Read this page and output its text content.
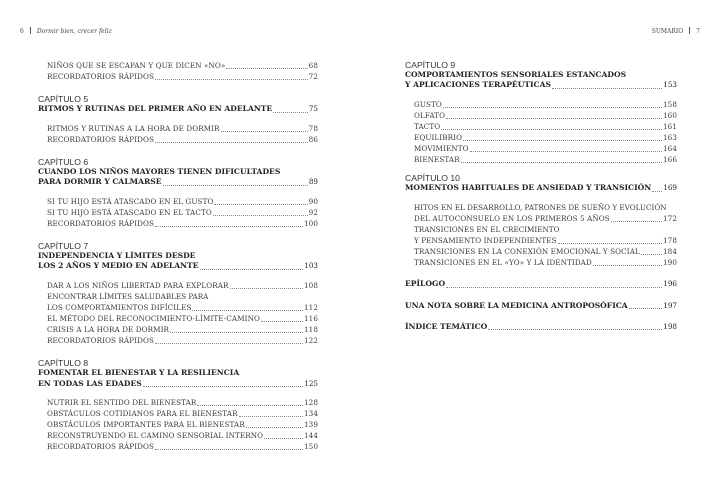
6 Dormir bien, crecer feliz
NIÑOS QUE SE ESCAPAN Y QUE DICEN «NO»	68
RECORDATORIOS RÁPIDOS	72
CAPÍTULO 5
RITMOS Y RUTINAS DEL PRIMER AÑO EN ADELANTE	75
RITMOS Y RUTINAS A LA HORA DE DORMIR	78
RECORDATORIOS RÁPIDOS	86
CAPÍTULO 6
CUANDO LOS NIÑOS MAYORES TIENEN DIFICULTADES
PARA DORMIR Y CALMARSE	89
SI TU HIJO ESTÁ ATASCADO EN EL GUSTO	90
SI TU HIJO ESTÁ ATASCADO EN EL TACTO	92
RECORDATORIOS RÁPIDOS	100
CAPÍTULO 7
INDEPENDENCIA Y LÍMITES DESDE
LOS 2 AÑOS Y MEDIO EN ADELANTE	103
DAR A LOS NIÑOS LIBERTAD PARA EXPLORAR	108
ENCONTRAR LÍMITES SALUDABLES PARA
LOS COMPORTAMIENTOS DIFÍCILES	112
EL MÉTODO DEL RECONOCIMIENTO-LÍMITE-CAMINO	116
CRISIS A LA HORA DE DORMIR	118
RECORDATORIOS RÁPIDOS	122
CAPÍTULO 8
FOMENTAR EL BIENESTAR Y LA RESILIENCIA
EN TODAS LAS EDADES	125
NUTRIR EL SENTIDO DEL BIENESTAR	128
OBSTÁCULOS COTIDIANOS PARA EL BIENESTAR	134
OBSTÁCULOS IMPORTANTES PARA EL BIENESTAR	139
RECONSTRUYENDO EL CAMINO SENSORIAL INTERNO	144
RECORDATORIOS RÁPIDOS	150
SUMARIO 7
CAPÍTULO 9
COMPORTAMIENTOS SENSORIALES ESTANCADOS
Y APLICACIONES TERAPÉUTICAS	153
GUSTO	158
OLFATO	160
TACTO	161
EQUILIBRIO	163
MOVIMIENTO	164
BIENESTAR	166
CAPÍTULO 10
MOMENTOS HABITUALES DE ANSIEDAD Y TRANSICIÓN 169
HITOS EN EL DESARROLLO, PATRONES DE SUEÑO Y EVOLUCIÓN
DEL AUTOCONSUELO EN LOS PRIMEROS 5 AÑOS	172
TRANSICIONES EN EL CRECIMIENTO
Y PENSAMIENTO INDEPENDIENTES	178
TRANSICIONES EN LA CONEXIÓN EMOCIONAL Y SOCIAL	184
TRANSICIONES EN EL «YO» Y LA IDENTIDAD	190
EPÍLOGO	196
UNA NOTA SOBRE LA MEDICINA ANTROPOSÓFICA	197
ÍNDICE TEMÁTICO	198
